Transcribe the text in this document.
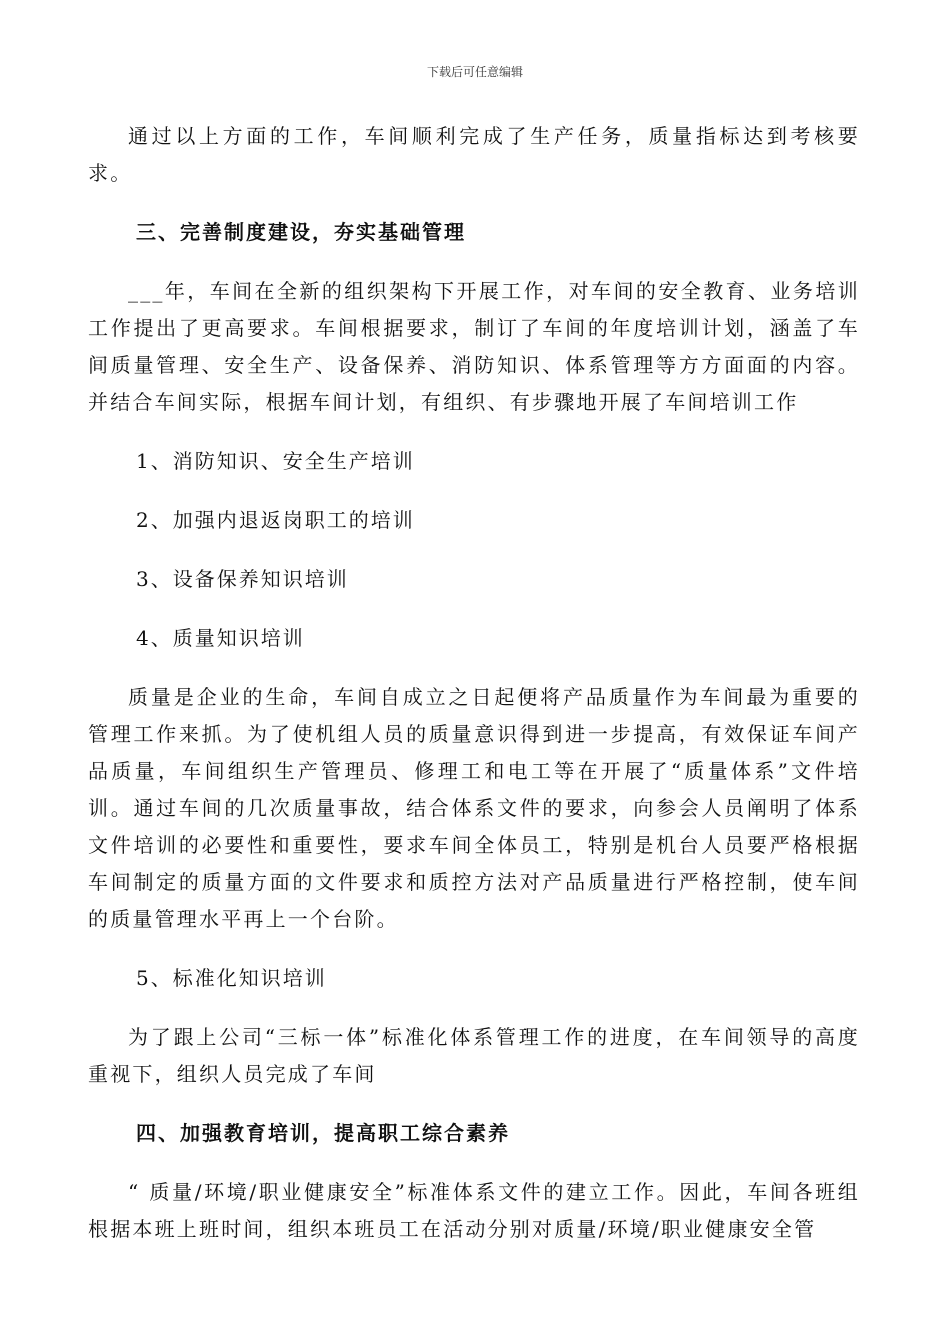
下载后可任意编辑

通过以上方面的工作，车间顺利完成了生产任务，质量指标达到考核要求。

三、完善制度建设，夯实基础管理

___年，车间在全新的组织架构下开展工作，对车间的安全教育、业务培训工作提出了更高要求。车间根据要求，制订了车间的年度培训计划，涵盖了车间质量管理、安全生产、设备保养、消防知识、体系管理等方方面面的内容。并结合车间实际，根据车间计划，有组织、有步骤地开展了车间培训工作

1、消防知识、安全生产培训

2、加强内退返岗职工的培训

3、设备保养知识培训

4、质量知识培训

质量是企业的生命，车间自成立之日起便将产品质量作为车间最为重要的管理工作来抓。为了使机组人员的质量意识得到进一步提高，有效保证车间产品质量，车间组织生产管理员、修理工和电工等在开展了“质量体系”文件培训。通过车间的几次质量事故，结合体系文件的要求，向参会人员阐明了体系文件培训的必要性和重要性，要求车间全体员工，特别是机台人员要严格根据车间制定的质量方面的文件要求和质控方法对产品质量进行严格控制，使车间的质量管理水平再上一个台阶。

5、标准化知识培训

为了跟上公司“三标一体”标准化体系管理工作的进度，在车间领导的高度重视下，组织人员完成了车间

四、加强教育培训，提高职工综合素养

“ 质量/环境/职业健康安全”标准体系文件的建立工作。因此，车间各班组根据本班上班时间，组织本班员工在活动分别对质量/环境/职业健康安全管
